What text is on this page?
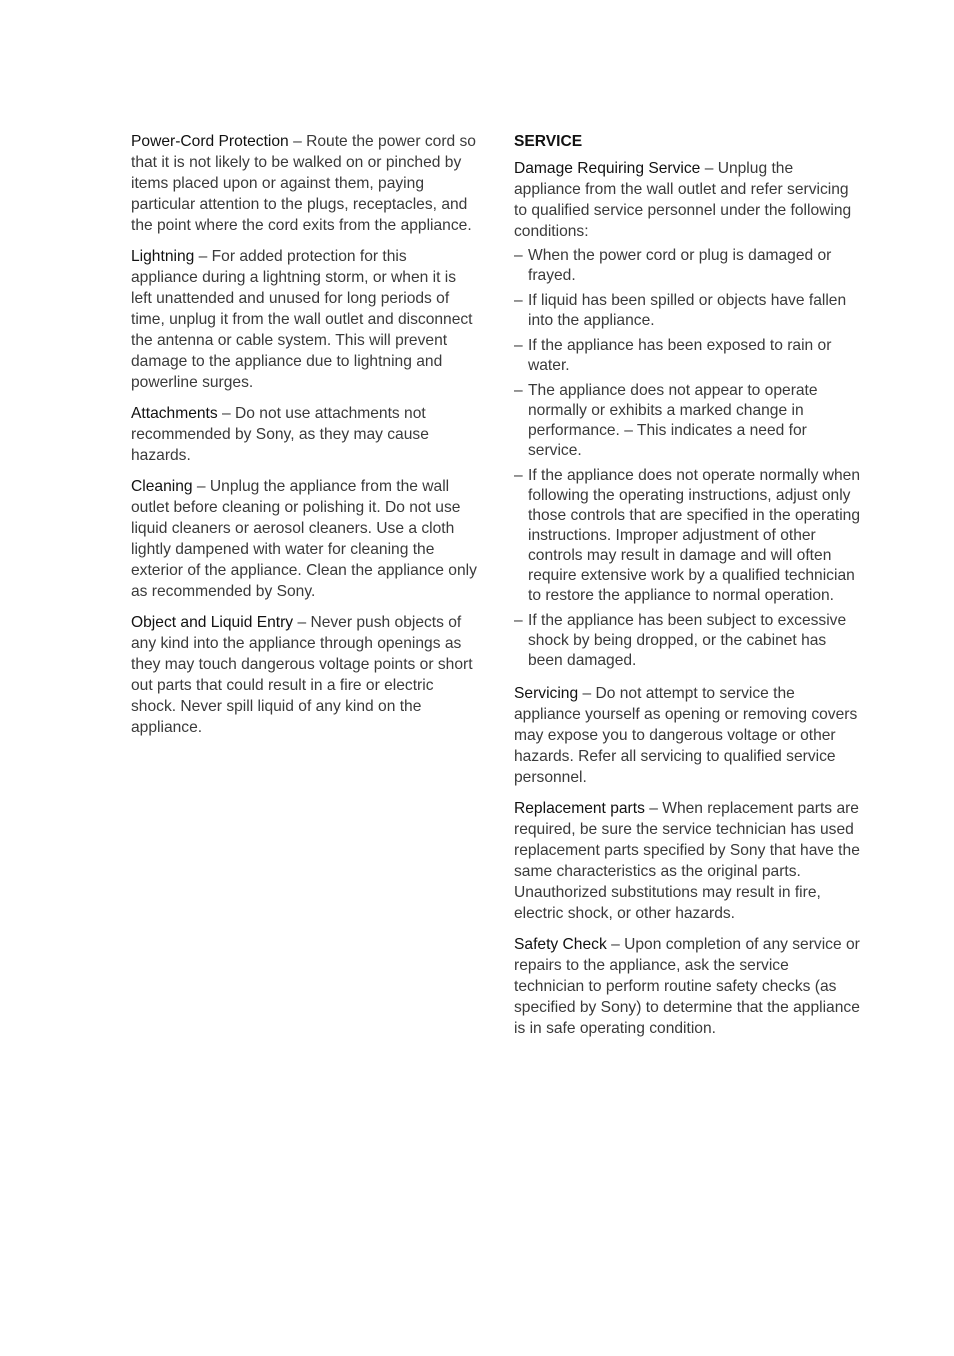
Power-Cord Protection – Route the power cord so that it is not likely to be walked on or pinched by items placed upon or against them, paying particular attention to the plugs, receptacles, and the point where the cord exits from the appliance.

Lightning – For added protection for this appliance during a lightning storm, or when it is left unattended and unused for long periods of time, unplug it from the wall outlet and disconnect the antenna or cable system. This will prevent damage to the appliance due to lightning and powerline surges.

Attachments – Do not use attachments not recommended by Sony, as they may cause hazards.

Cleaning – Unplug the appliance from the wall outlet before cleaning or polishing it. Do not use liquid cleaners or aerosol cleaners. Use a cloth lightly dampened with water for cleaning the exterior of the appliance. Clean the appliance only as recommended by Sony.

Object and Liquid Entry – Never push objects of any kind into the appliance through openings as they may touch dangerous voltage points or short out parts that could result in a fire or electric shock. Never spill liquid of any kind on the appliance.

SERVICE

Damage Requiring Service – Unplug the appliance from the wall outlet and refer servicing to qualified service personnel under the following conditions:

– When the power cord or plug is damaged or frayed.
– If liquid has been spilled or objects have fallen into the appliance.
– If the appliance has been exposed to rain or water.
– The appliance does not appear to operate normally or exhibits a marked change in performance. – This indicates a need for service.
– If the appliance does not operate normally when following the operating instructions, adjust only those controls that are specified in the operating instructions. Improper adjustment of other controls may result in damage and will often require extensive work by a qualified technician to restore the appliance to normal operation.
– If the appliance has been subject to excessive shock by being dropped, or the cabinet has been damaged.

Servicing – Do not attempt to service the appliance yourself as opening or removing covers may expose you to dangerous voltage or other hazards. Refer all servicing to qualified service personnel.

Replacement parts – When replacement parts are required, be sure the service technician has used replacement parts specified by Sony that have the same characteristics as the original parts. Unauthorized substitutions may result in fire, electric shock, or other hazards.

Safety Check – Upon completion of any service or repairs to the appliance, ask the service technician to perform routine safety checks (as specified by Sony) to determine that the appliance is in safe operating condition.
